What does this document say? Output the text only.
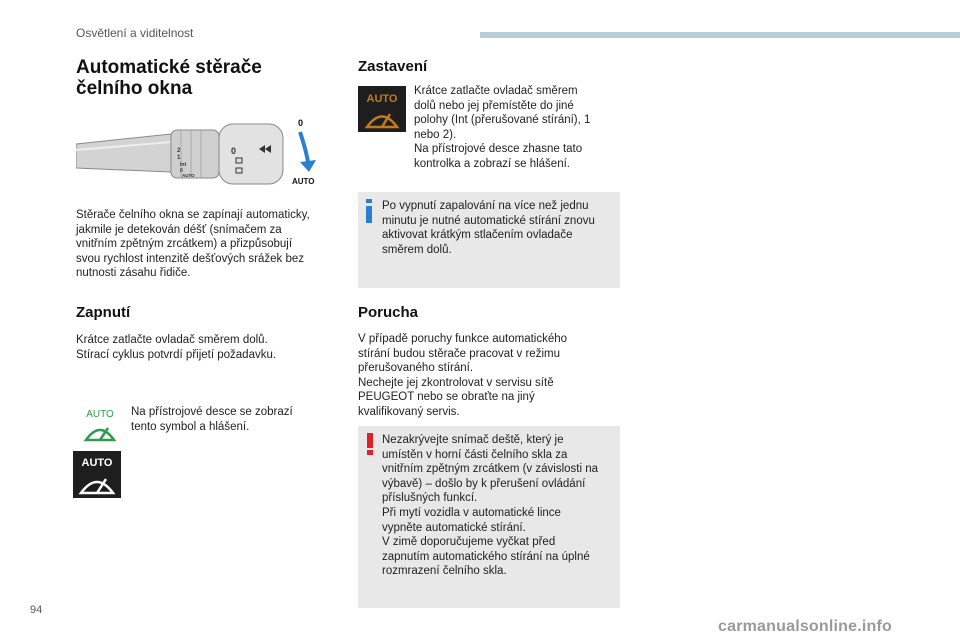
Osvětlení a viditelnost
Automatické stěrače
čelního okna
2
1
Int
0
AUTO
0
0
AUTO

Stěrače čelního okna se zapínají automaticky,
jakmile je detekován déšť (snímačem za
vnitřním zpětným zrcátkem) a přizpůsobují
svou rychlost intenzitě dešťových srážek bez
nutnosti zásahu řidiče.

Zapnutí

Krátce zatlačte ovladač směrem dolů.
Stírací cyklus potvrdí přijetí požadavku.

AUTO
AUTO

Na přístrojové desce se zobrazí
tento symbol a hlášení.

Zastavení
AUTO

Krátce zatlačte ovladač směrem
dolů nebo jej přemístěte do jiné
polohy (Int (přerušované stírání), 1
nebo 2).
Na přístrojové desce zhasne tato
kontrolka a zobrazí se hlášení.

Po vypnutí zapalování na více než jednu
minutu je nutné automatické stírání znovu
aktivovat krátkým stlačením ovladače
směrem dolů.

Porucha

V případě poruchy funkce automatického
stírání budou stěrače pracovat v režimu
přerušovaného stírání.
Nechejte jej zkontrolovat v servisu sítě
PEUGEOT nebo se obraťte na jiný
kvalifikovaný servis.

Nezakrývejte snímač deště, který je
umístěn v horní části čelního skla za
vnitřním zpětným zrcátkem (v závislosti na
výbavě) – došlo by k přerušení ovládání
příslušných funkcí.
Při mytí vozidla v automatické lince
vypněte automatické stírání.
V zimě doporučujeme vyčkat před
zapnutím automatického stírání na úplné
rozmrazení čelního skla.

94
carmanualsonline.info
